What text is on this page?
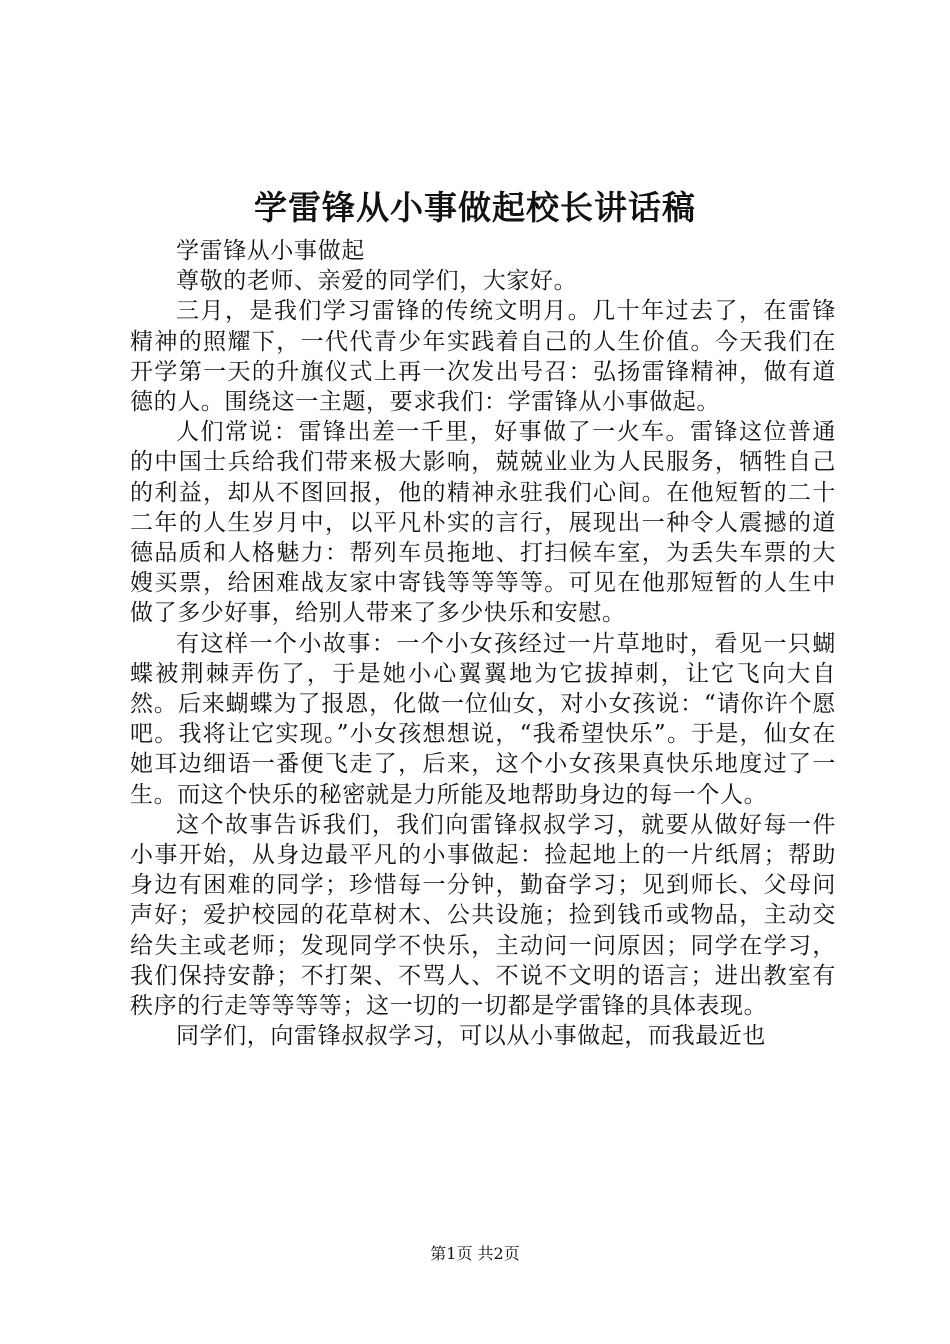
学雷锋从小事做起校长讲话稿

学雷锋从小事做起

尊敬的老师、亲爱的同学们，大家好。

三月，是我们学习雷锋的传统文明月。几十年过去了，在雷锋精神的照耀下，一代代青少年实践着自己的人生价值。今天我们在开学第一天的升旗仪式上再一次发出号召：弘扬雷锋精神，做有道德的人。围绕这一主题，要求我们：学雷锋从小事做起。

人们常说：雷锋出差一千里，好事做了一火车。雷锋这位普通的中国士兵给我们带来极大影响，兢兢业业为人民服务，牺牲自己的利益，却从不图回报，他的精神永驻我们心间。在他短暂的二十二年的人生岁月中，以平凡朴实的言行，展现出一种令人震撼的道德品质和人格魅力：帮列车员拖地、打扫候车室，为丢失车票的大嫂买票，给困难战友家中寄钱等等等等。可见在他那短暂的人生中做了多少好事，给别人带来了多少快乐和安慰。

有这样一个小故事：一个小女孩经过一片草地时，看见一只蝴蝶被荆棘弄伤了，于是她小心翼翼地为它拔掉刺，让它飞向大自然。后来蝴蝶为了报恩，化做一位仙女，对小女孩说：“请你许个愿吧。我将让它实现。”小女孩想想说，“我希望快乐”。于是，仙女在她耳边细语一番便飞走了，后来，这个小女孩果真快乐地度过了一生。而这个快乐的秘密就是力所能及地帮助身边的每一个人。

这个故事告诉我们，我们向雷锋叔叔学习，就要从做好每一件小事开始，从身边最平凡的小事做起：捡起地上的一片纸屑；帮助身边有困难的同学；珍惜每一分钟，勤奋学习；见到师长、父母问声好；爱护校园的花草树木、公共设施；捡到钱币或物品，主动交给失主或老师；发现同学不快乐，主动问一问原因；同学在学习，我们保持安静；不打架、不骂人、不说不文明的语言；进出教室有秩序的行走等等等等；这一切的一切都是学雷锋的具体表现。

同学们，向雷锋叔叔学习，可以从小事做起，而我最近也

第1页 共2页
